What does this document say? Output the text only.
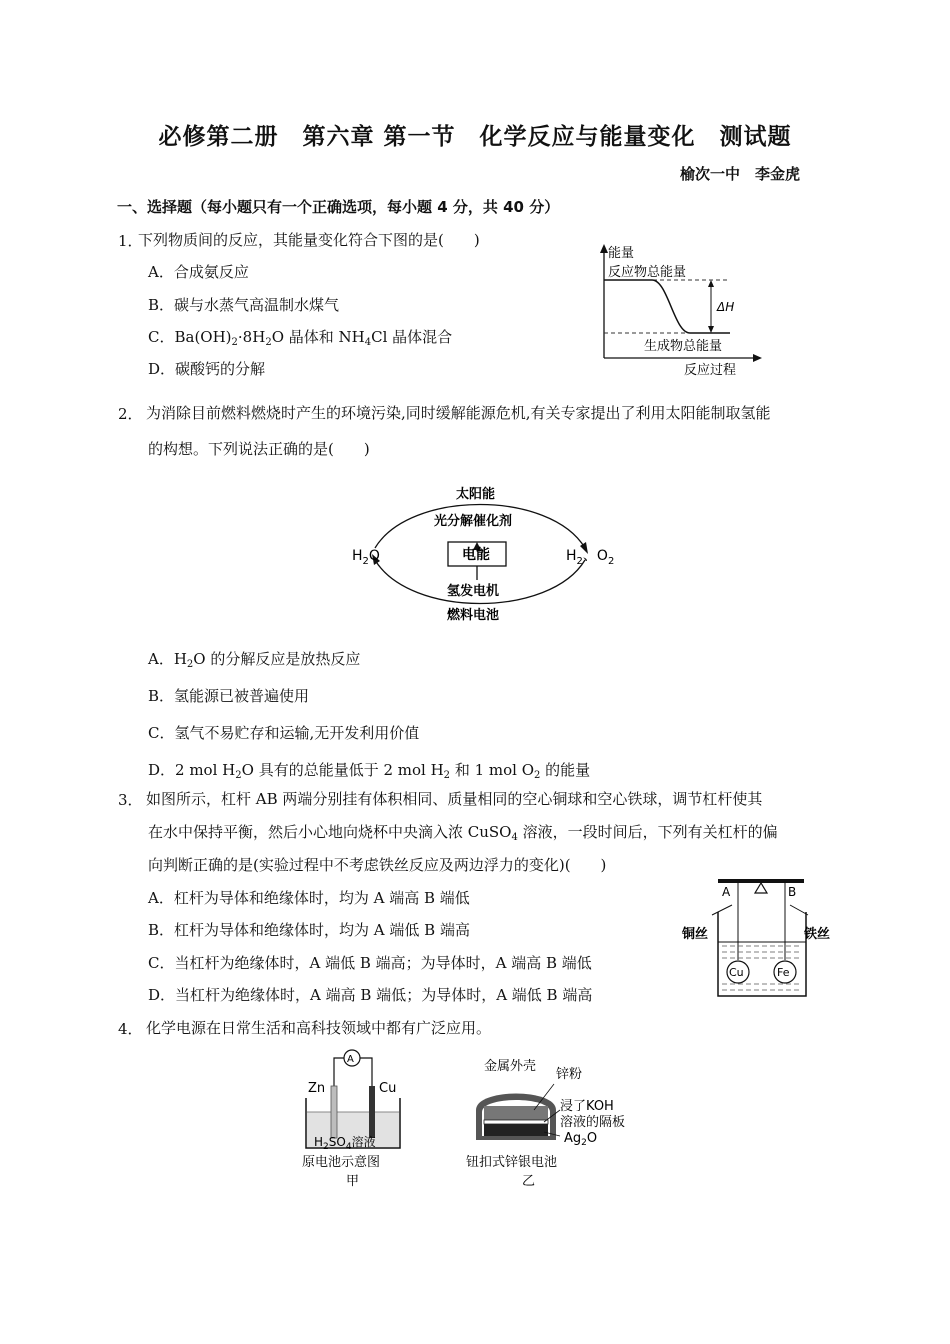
必修第二册　第六章 第一节　化学反应与能量变化　测试题
榆次一中　李金虎
一、选择题（每小题只有一个正确选项，每小题 4 分，共 40 分）
1．
下列物质间的反应，其能量变化符合下图的是(　　)
A．合成氨反应
B．碳与水蒸气高温制水煤气
C．$Ba(OH)_2\cdot 8H_2O$ 晶体和 $NH_4Cl$ 晶体混合
D．碳酸钙的分解
能量
反应物总能量
ΔH
生成物总能量
反应过程
2． 为消除目前燃料燃烧时产生的环境污染,同时缓解能源危机,有关专家提出了利用太阳能制取氢能
的构想。下列说法正确的是(　　)
太阳能
光分解催化剂
$H_2O$	电能	$H_2$、$O_2$
氢发电机
燃料电池
A．$H_2O$ 的分解反应是放热反应
B．氢能源已被普遍使用
C．氢气不易贮存和运输,无开发利用价值
D．2 mol $H_2O$ 具有的总能量低于 2 mol $H_2$ 和 1 mol $O_2$ 的能量
3． 如图所示，杠杆 AB 两端分别挂有体积相同、质量相同的空心铜球和空心铁球，调节杠杆使其
在水中保持平衡，然后小心地向烧杯中央滴入浓 CuSO$_4$ 溶液，一段时间后，下列有关杠杆的偏
向判断正确的是(实验过程中不考虑铁丝反应及两边浮力的变化)(　　)
A．杠杆为导体和绝缘体时，均为 A 端高 B 端低
B．杠杆为导体和绝缘体时，均为 A 端低 B 端高
C．当杠杆为绝缘体时，A 端低 B 端高；为导体时，A 端高 B 端低
D．当杠杆为绝缘体时，A 端高 B 端低；为导体时，A 端低 B 端高
A	B
Cu	Fe
铜丝	铁丝
4． 化学电源在日常生活和高科技领域中都有广泛应用。
A
Zn	Cu
$H_2SO_4$溶液
原电池示意图
甲
金属外壳
锌粉
浸了KOH
溶液的隔板
$Ag_2O$
钮扣式锌银电池
乙
